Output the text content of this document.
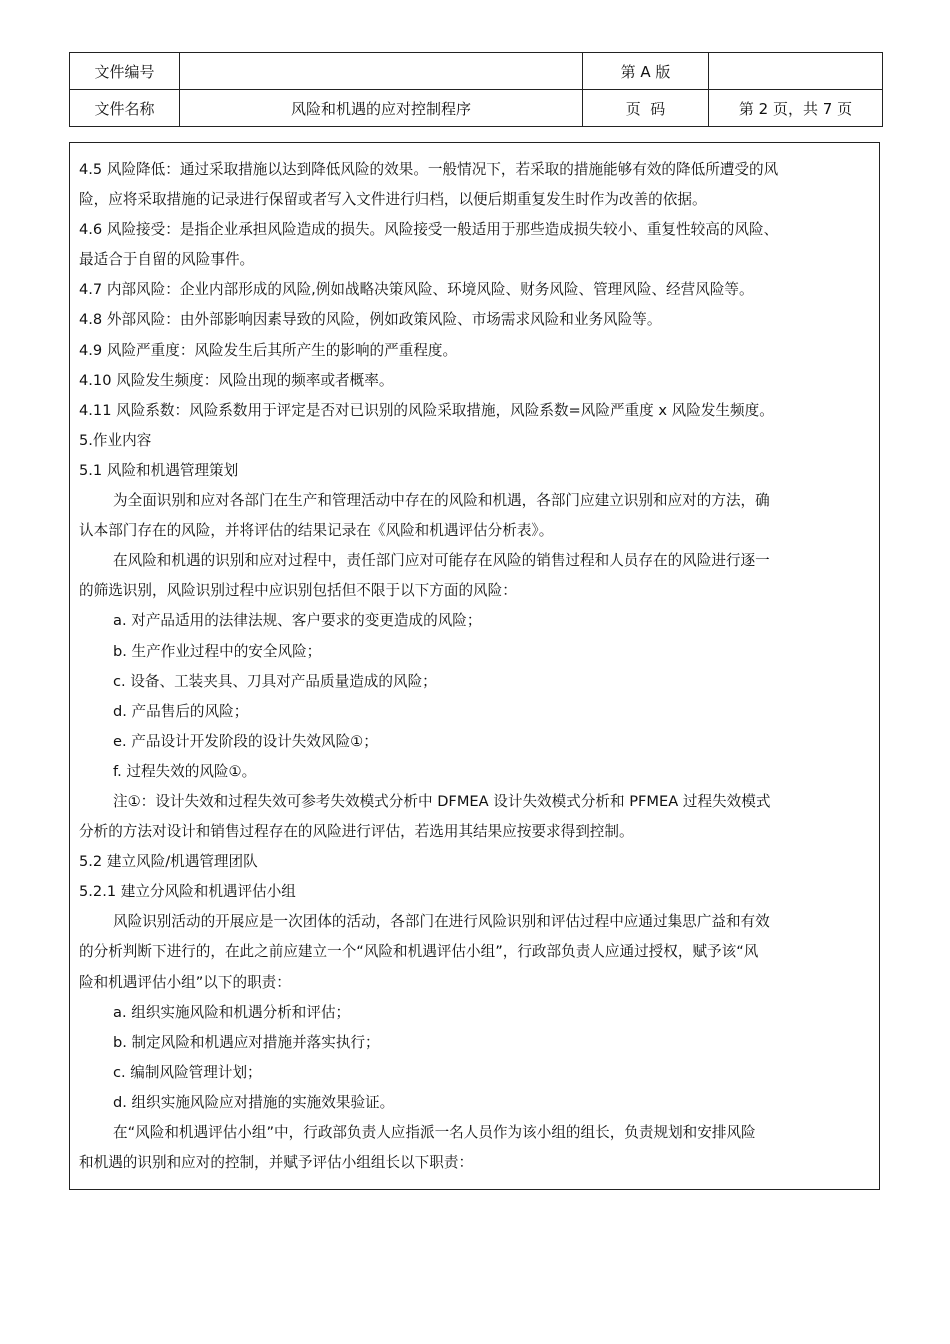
文件编号		第 A 版	
文件名称	风险和机遇的应对控制程序	页  码	第 2 页，共 7 页

4.5 风险降低：通过采取措施以达到降低风险的效果。一般情况下，若采取的措施能够有效的降低所遭受的风

险，应将采取措施的记录进行保留或者写入文件进行归档，以便后期重复发生时作为改善的依据。

4.6 风险接受：是指企业承担风险造成的损失。风险接受一般适用于那些造成损失较小、重复性较高的风险、

最适合于自留的风险事件。

4.7 内部风险：企业内部形成的风险,例如战略决策风险、环境风险、财务风险、管理风险、经营风险等。

4.8 外部风险：由外部影响因素导致的风险，例如政策风险、市场需求风险和业务风险等。

4.9 风险严重度：风险发生后其所产生的影响的严重程度。

4.10 风险发生频度：风险出现的频率或者概率。

4.11 风险系数：风险系数用于评定是否对已识别的风险采取措施，风险系数=风险严重度 x 风险发生频度。

5.作业内容

5.1 风险和机遇管理策划

为全面识别和应对各部门在生产和管理活动中存在的风险和机遇，各部门应建立识别和应对的方法，确

认本部门存在的风险，并将评估的结果记录在《风险和机遇评估分析表》。

在风险和机遇的识别和应对过程中，责任部门应对可能存在风险的销售过程和人员存在的风险进行逐一

的筛选识别，风险识别过程中应识别包括但不限于以下方面的风险：

a. 对产品适用的法律法规、客户要求的变更造成的风险；

b. 生产作业过程中的安全风险；

c. 设备、工装夹具、刀具对产品质量造成的风险；

d. 产品售后的风险；

e. 产品设计开发阶段的设计失效风险①；

f. 过程失效的风险①。

注①：设计失效和过程失效可参考失效模式分析中 DFMEA 设计失效模式分析和 PFMEA 过程失效模式

分析的方法对设计和销售过程存在的风险进行评估，若选用其结果应按要求得到控制。

5.2 建立风险/机遇管理团队

5.2.1 建立分风险和机遇评估小组

风险识别活动的开展应是一次团体的活动，各部门在进行风险识别和评估过程中应通过集思广益和有效

的分析判断下进行的，在此之前应建立一个“风险和机遇评估小组”，行政部负责人应通过授权，赋予该“风

险和机遇评估小组”以下的职责：

a. 组织实施风险和机遇分析和评估；

b. 制定风险和机遇应对措施并落实执行；

c. 编制风险管理计划；

d. 组织实施风险应对措施的实施效果验证。

在“风险和机遇评估小组”中，行政部负责人应指派一名人员作为该小组的组长，负责规划和安排风险

和机遇的识别和应对的控制，并赋予评估小组组长以下职责：
